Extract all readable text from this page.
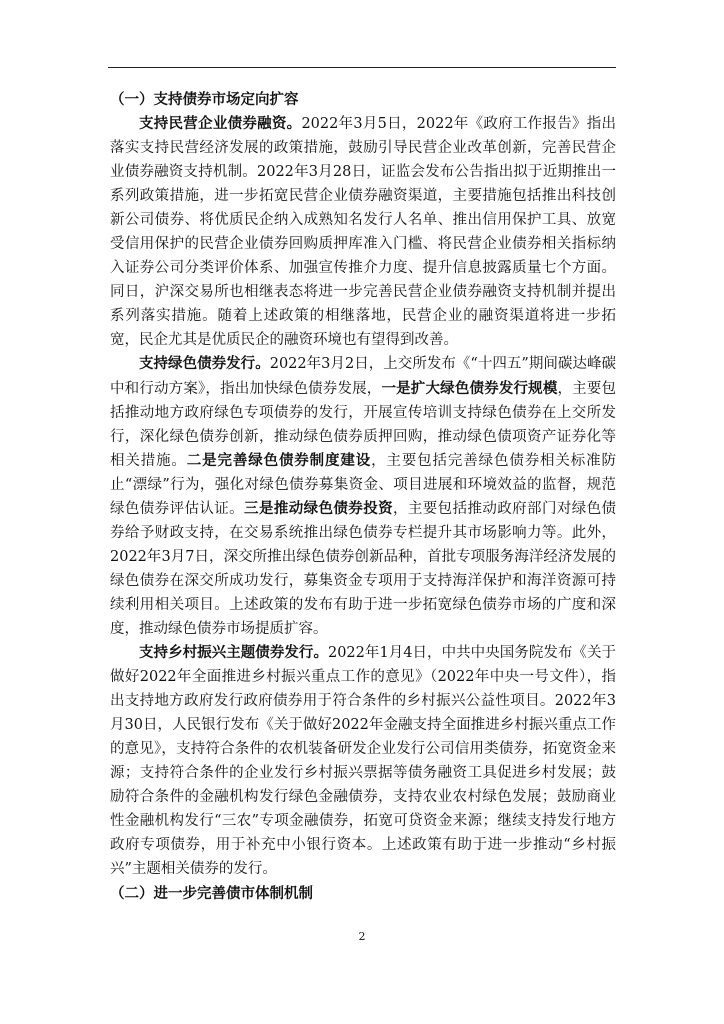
（一）支持债券市场定向扩容

支持民营企业债券融资。2022年3月5日，2022年《政府工作报告》指出落实支持民营经济发展的政策措施，鼓励引导民营企业改革创新，完善民营企业债券融资支持机制。2022年3月28日，证监会发布公告指出拟于近期推出一系列政策措施，进一步拓宽民营企业债券融资渠道，主要措施包括推出科技创新公司债券、将优质民企纳入成熟知名发行人名单、推出信用保护工具、放宽受信用保护的民营企业债券回购质押库准入门槛、将民营企业债券相关指标纳入证券公司分类评价体系、加强宣传推介力度、提升信息披露质量七个方面。同日，沪深交易所也相继表态将进一步完善民营企业债券融资支持机制并提出系列落实措施。随着上述政策的相继落地，民营企业的融资渠道将进一步拓宽，民企尤其是优质民企的融资环境也有望得到改善。

支持绿色债券发行。2022年3月2日，上交所发布《“十四五”期间碳达峰碳中和行动方案》，指出加快绿色债券发展，一是扩大绿色债券发行规模，主要包括推动地方政府绿色专项债券的发行，开展宣传培训支持绿色债券在上交所发行，深化绿色债券创新，推动绿色债券质押回购，推动绿色债项资产证券化等相关措施。二是完善绿色债券制度建设，主要包括完善绿色债券相关标准防止“漂绿”行为，强化对绿色债券募集资金、项目进展和环境效益的监督，规范绿色债券评估认证。三是推动绿色债券投资，主要包括推动政府部门对绿色债券给予财政支持，在交易系统推出绿色债券专栏提升其市场影响力等。此外，2022年3月7日，深交所推出绿色债券创新品种，首批专项服务海洋经济发展的绿色债券在深交所成功发行，募集资金专项用于支持海洋保护和海洋资源可持续利用相关项目。上述政策的发布有助于进一步拓宽绿色债券市场的广度和深度，推动绿色债券市场提质扩容。

支持乡村振兴主题债券发行。2022年1月4日，中共中央国务院发布《关于做好2022年全面推进乡村振兴重点工作的意见》（2022年中央一号文件），指出支持地方政府发行政府债券用于符合条件的乡村振兴公益性项目。2022年3月30日，人民银行发布《关于做好2022年金融支持全面推进乡村振兴重点工作的意见》，支持符合条件的农机装备研发企业发行公司信用类债券，拓宽资金来源；支持符合条件的企业发行乡村振兴票据等债务融资工具促进乡村发展；鼓励符合条件的金融机构发行绿色金融债券，支持农业农村绿色发展；鼓励商业性金融机构发行“三农”专项金融债券，拓宽可贷资金来源；继续支持发行地方政府专项债券，用于补充中小银行资本。上述政策有助于进一步推动“乡村振兴”主题相关债券的发行。

（二）进一步完善债市体制机制

2
